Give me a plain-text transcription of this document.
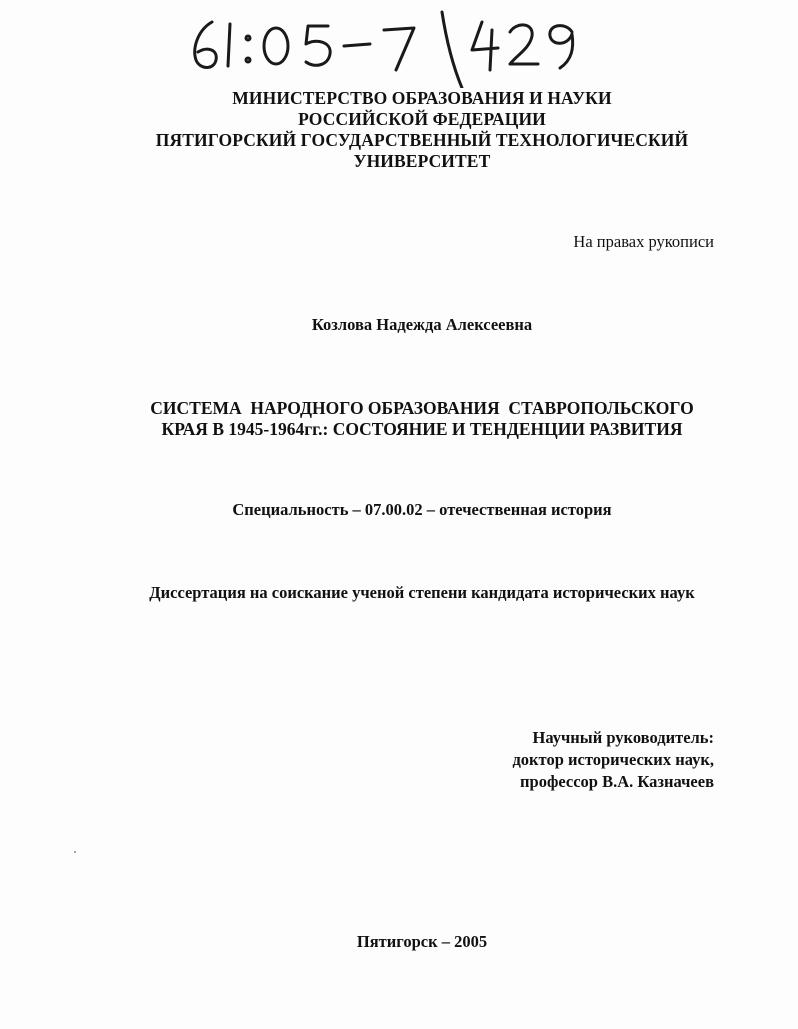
МИНИСТЕРСТВО ОБРАЗОВАНИЯ И НАУКИ
РОССИЙСКОЙ ФЕДЕРАЦИИ
ПЯТИГОРСКИЙ ГОСУДАРСТВЕННЫЙ ТЕХНОЛОГИЧЕСКИЙ
УНИВЕРСИТЕТ
На правах рукописи
Козлова Надежда Алексеевна
СИСТЕМА  НАРОДНОГО ОБРАЗОВАНИЯ  СТАВРОПОЛЬСКОГО
КРАЯ В 1945-1964гг.: СОСТОЯНИЕ И ТЕНДЕНЦИИ РАЗВИТИЯ
Специальность – 07.00.02 – отечественная история
Диссертация на соискание ученой степени кандидата исторических наук
Научный руководитель:
доктор исторических наук,
профессор В.А. Казначеев
Пятигорск – 2005
